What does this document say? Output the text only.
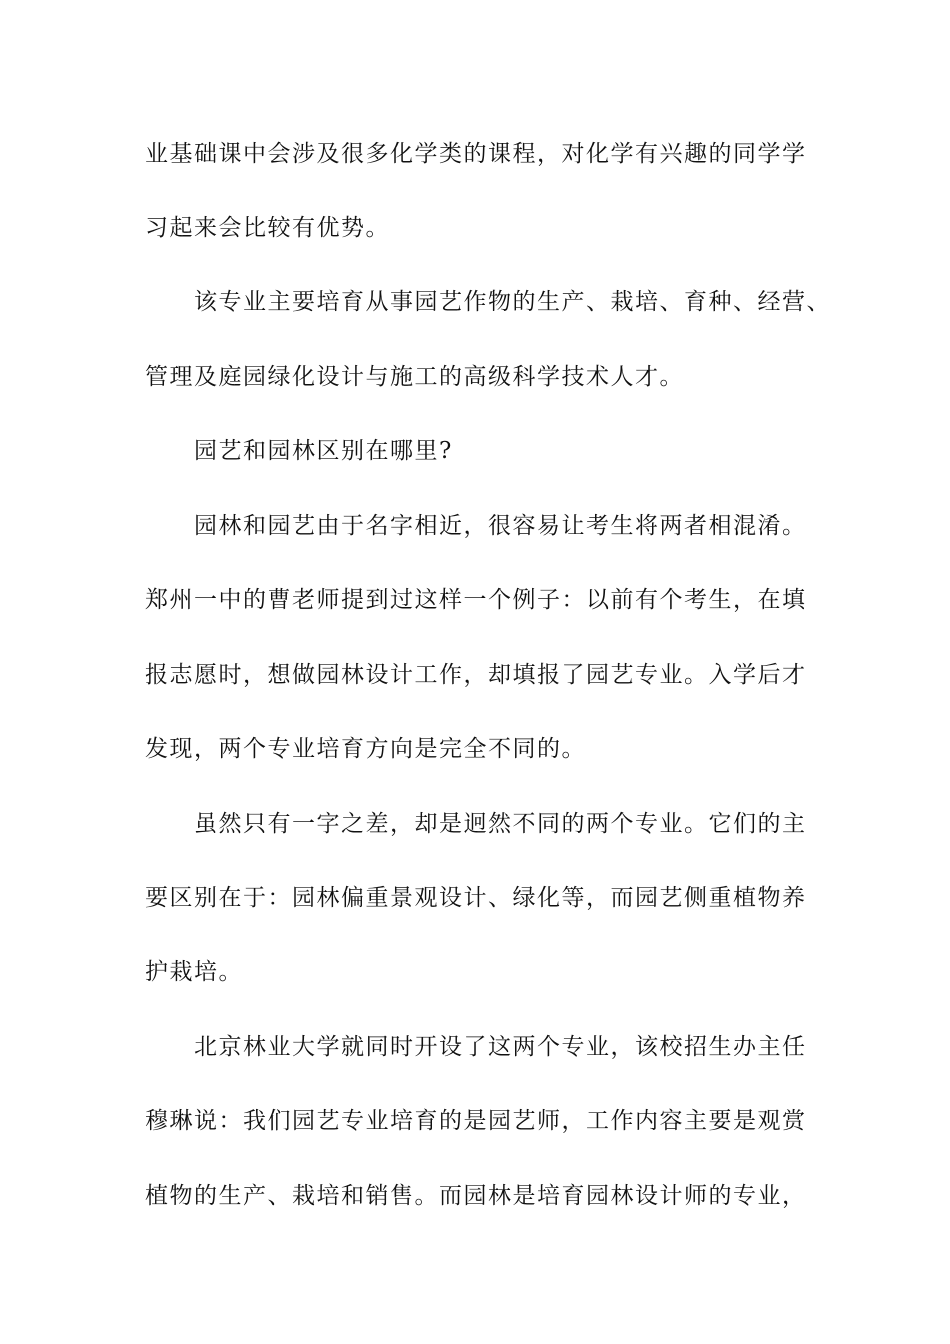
业基础课中会涉及很多化学类的课程，对化学有兴趣的同学学
习起来会比较有优势。
该专业主要培育从事园艺作物的生产、栽培、育种、经营、
管理及庭园绿化设计与施工的高级科学技术人才。
园艺和园林区别在哪里?
园林和园艺由于名字相近，很容易让考生将两者相混淆。
郑州一中的曹老师提到过这样一个例子：以前有个考生，在填
报志愿时，想做园林设计工作，却填报了园艺专业。入学后才
发现，两个专业培育方向是完全不同的。
虽然只有一字之差，却是迥然不同的两个专业。它们的主
要区别在于：园林偏重景观设计、绿化等，而园艺侧重植物养
护栽培。
北京林业大学就同时开设了这两个专业，该校招生办主任
穆琳说：我们园艺专业培育的是园艺师，工作内容主要是观赏
植物的生产、栽培和销售。而园林是培育园林设计师的专业，
